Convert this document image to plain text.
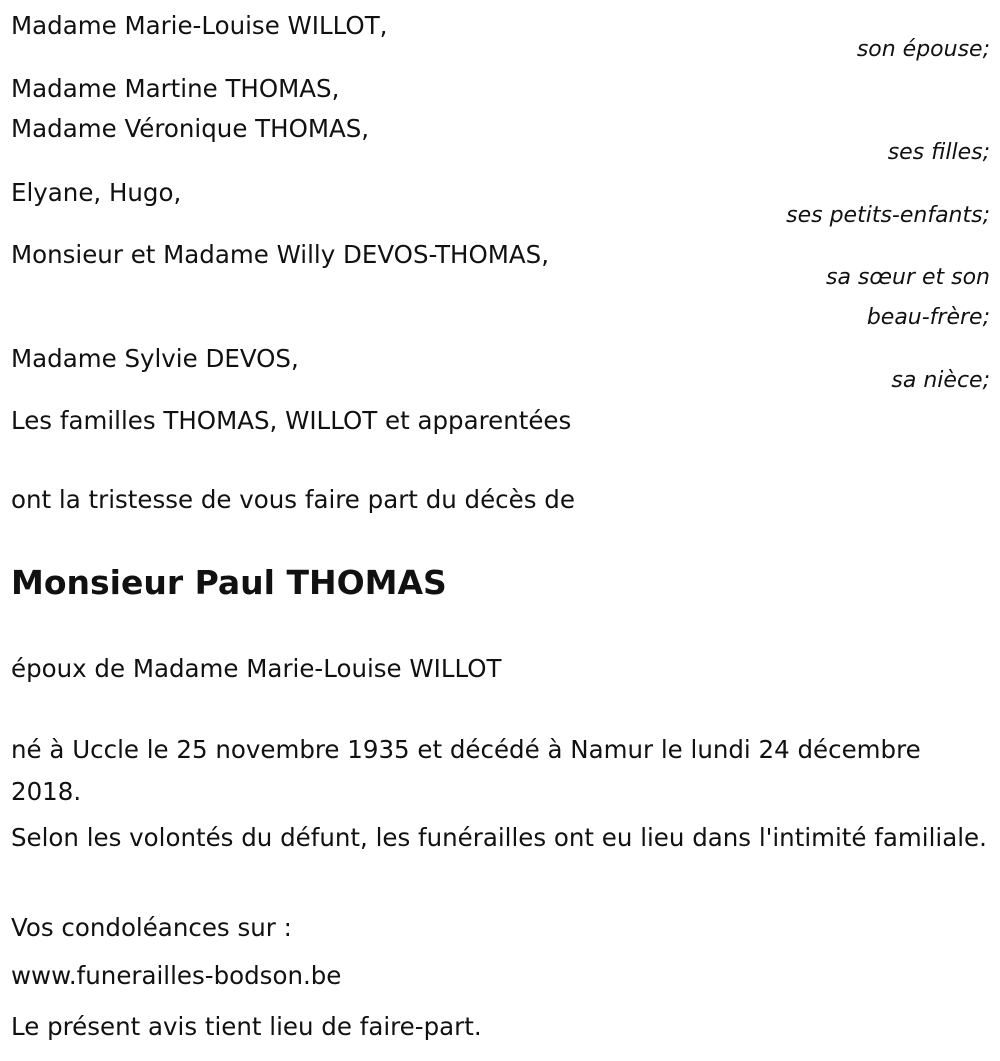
Madame Marie-Louise WILLOT,
son épouse;
Madame Martine THOMAS,
Madame Véronique THOMAS,
ses filles;
Elyane, Hugo,
ses petits-enfants;
Monsieur et Madame Willy DEVOS-THOMAS,
sa sœur et son
beau-frère;
Madame Sylvie DEVOS,
sa nièce;
Les familles THOMAS, WILLOT et apparentées
ont la tristesse de vous faire part du décès de
Monsieur Paul THOMAS
époux de Madame Marie-Louise WILLOT
né à Uccle le 25 novembre 1935 et décédé à Namur le lundi 24 décembre 2018.
Selon les volontés du défunt, les funérailles ont eu lieu dans l'intimité familiale.
Vos condoléances sur :
www.funerailles-bodson.be
Le présent avis tient lieu de faire-part.
